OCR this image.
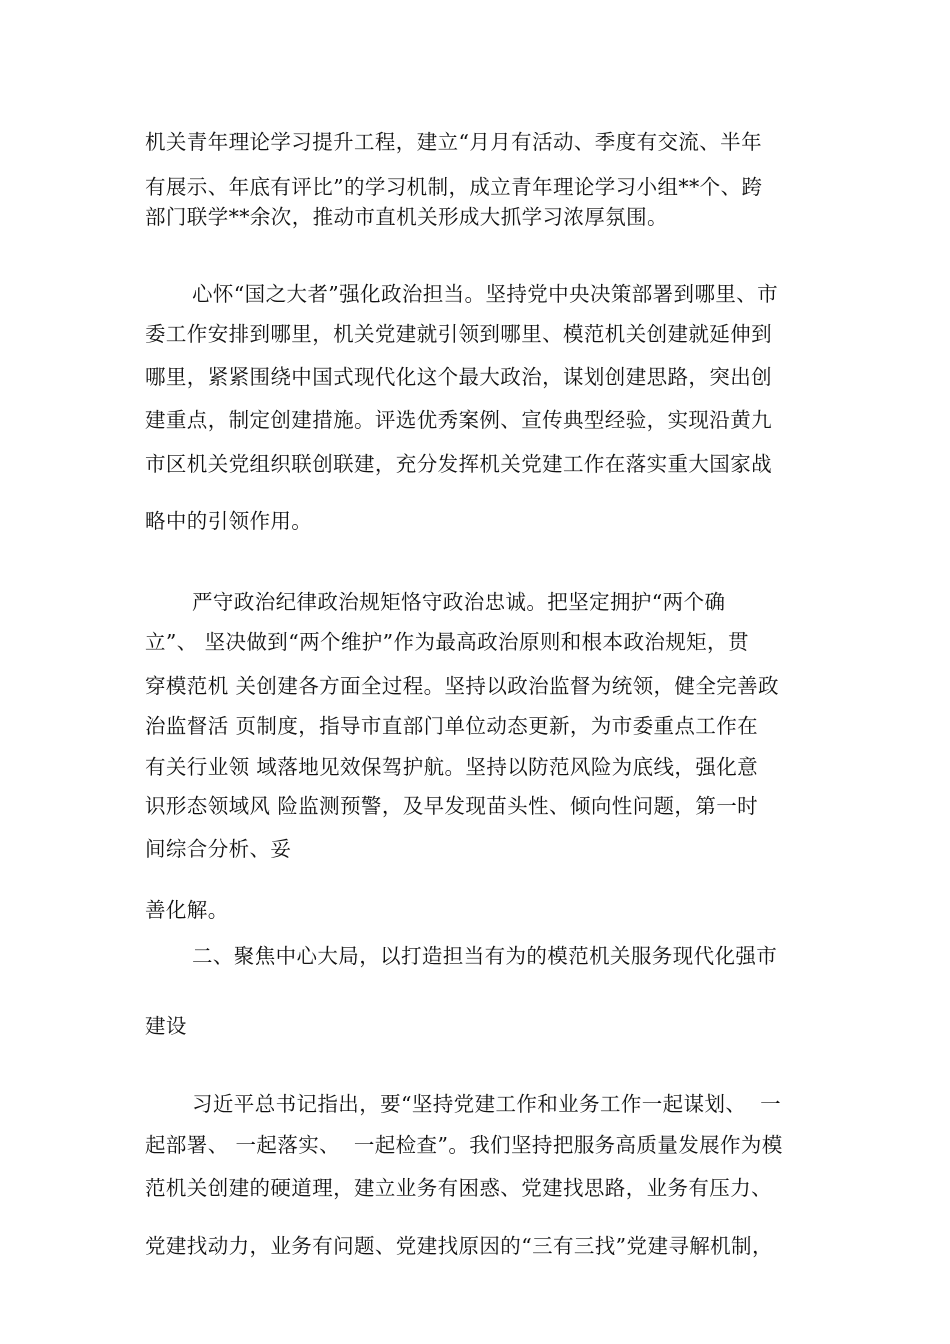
机关青年理论学习提升工程，建立“月月有活动、季度有交流、半年
有展示、年底有评比”的学习机制，成立青年理论学习小组**个、跨
部门联学**余次，推动市直机关形成大抓学习浓厚氛围。
心怀“国之大者”强化政治担当。坚持党中央决策部署到哪里、市
委工作安排到哪里，机关党建就引领到哪里、模范机关创建就延伸到
哪里，紧紧围绕中国式现代化这个最大政治，谋划创建思路，突出创
建重点，制定创建措施。评选优秀案例、宣传典型经验，实现沿黄九
市区机关党组织联创联建，充分发挥机关党建工作在落实重大国家战
略中的引领作用。
严守政治纪律政治规矩恪守政治忠诚。把坚定拥护“两个确
立”、 坚决做到“两个维护”作为最高政治原则和根本政治规矩，贯
穿模范机 关创建各方面全过程。坚持以政治监督为统领，健全完善政
治监督活 页制度，指导市直部门单位动态更新，为市委重点工作在
有关行业领 域落地见效保驾护航。坚持以防范风险为底线，强化意
识形态领域风 险监测预警，及早发现苗头性、倾向性问题，第一时
间综合分析、妥
善化解。
二、聚焦中心大局，以打造担当有为的模范机关服务现代化强市
建设
习近平总书记指出，要“坚持党建工作和业务工作一起谋划、  一
起部署、 一起落实、  一起检查”。我们坚持把服务高质量发展作为模
范机关创建的硬道理，建立业务有困惑、党建找思路，业务有压力、
党建找动力，业务有问题、党建找原因的“三有三找”党建寻解机制，
